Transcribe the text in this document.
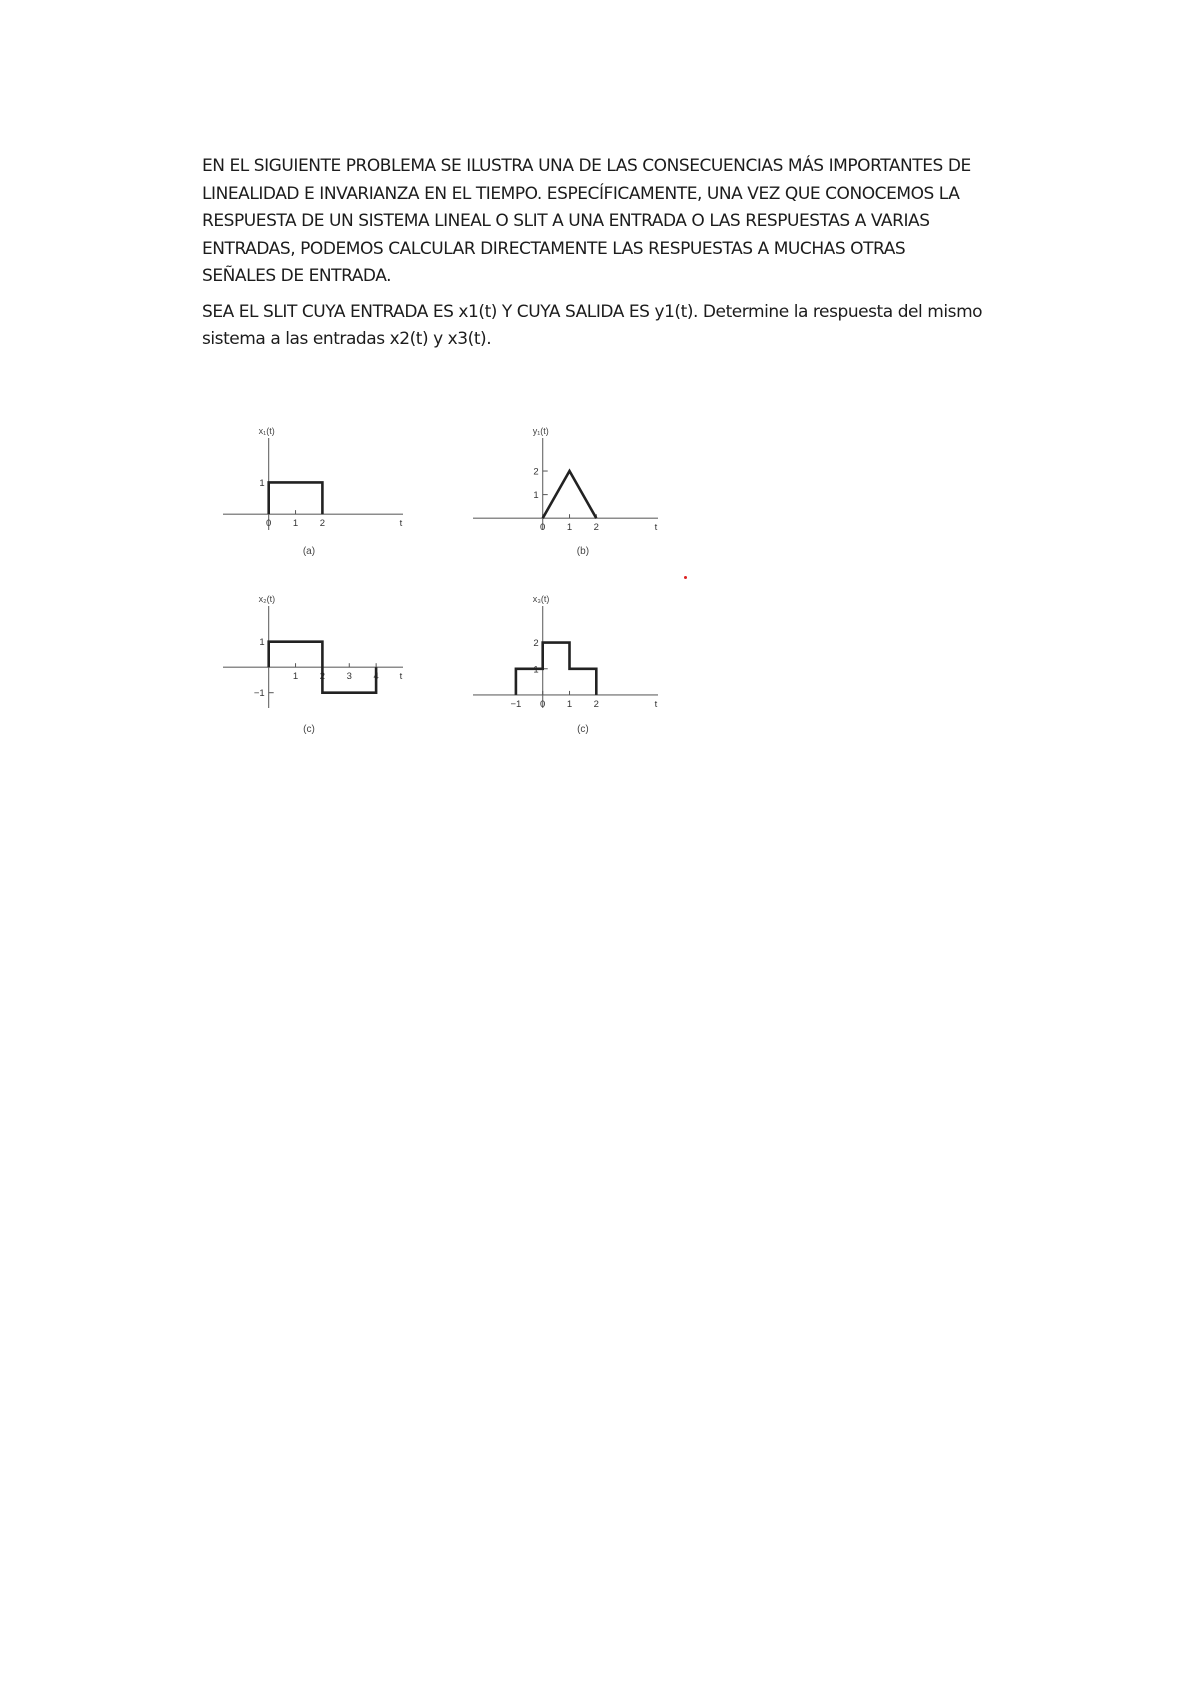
EN EL SIGUIENTE PROBLEMA SE ILUSTRA UNA DE LAS CONSECUENCIAS MÁS IMPORTANTES DE
LINEALIDAD E INVARIANZA EN EL TIEMPO. ESPECÍFICAMENTE, UNA VEZ QUE CONOCEMOS LA
RESPUESTA DE UN SISTEMA LINEAL O SLIT A UNA ENTRADA O LAS RESPUESTAS A VARIAS
ENTRADAS, PODEMOS CALCULAR DIRECTAMENTE LAS RESPUESTAS A MUCHAS OTRAS
SEÑALES DE ENTRADA.

SEA EL SLIT CUYA ENTRADA ES x1(t) Y CUYA SALIDA ES y1(t). Determine la respuesta del mismo
sistema a las entradas x2(t) y x3(t).

x₁(t)
t
0 1 2
1
(a)
y₁(t)
t
0 1 2
1
2
(b)
x₂(t)
t
1 2 3 4
1
−1
(c)
x₃(t)
t
−1 0 1 2
1
2
(c)
